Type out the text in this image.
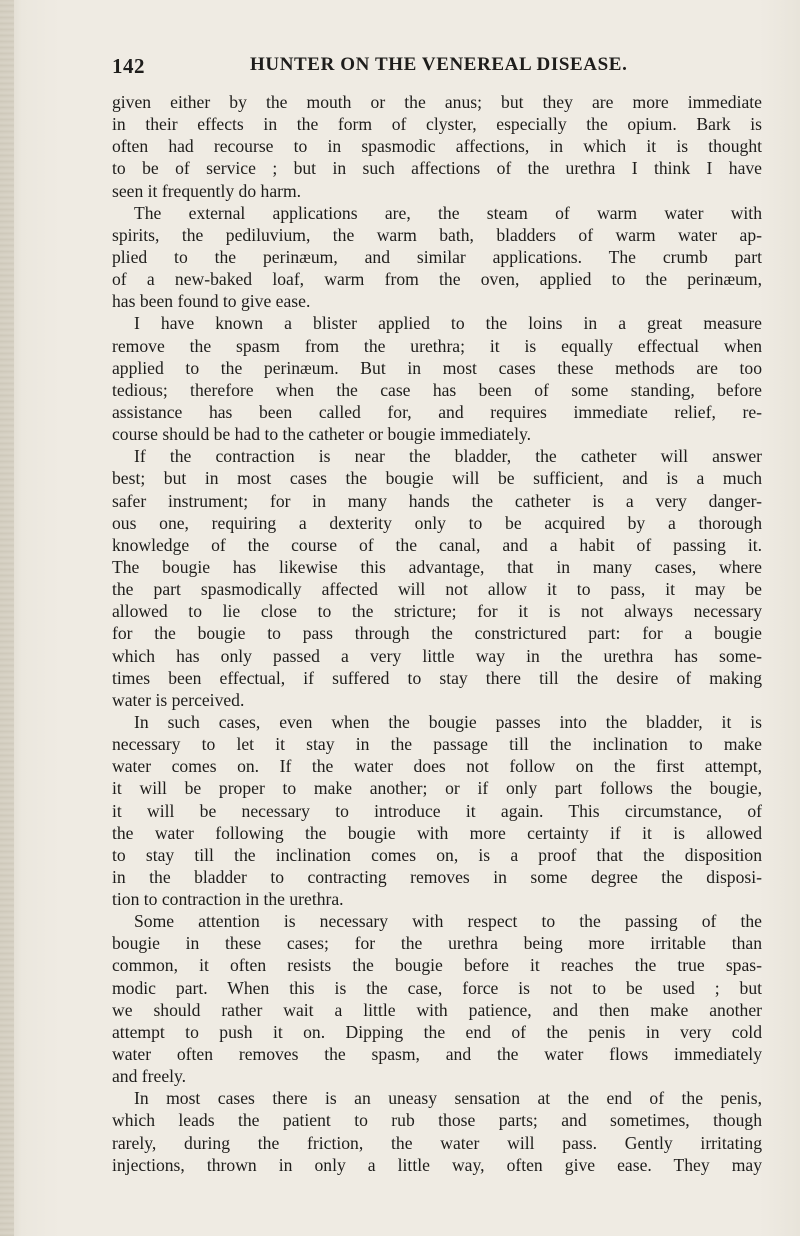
142	HUNTER ON THE VENEREAL DISEASE.
given either by the mouth or the anus; but they are more immediate
in their effects in the form of clyster, especially the opium. Bark is
often had recourse to in spasmodic affections, in which it is thought
to be of service ; but in such affections of the urethra I think I have
seen it frequently do harm.
The external applications are, the steam of warm water with
spirits, the pediluvium, the warm bath, bladders of warm water ap-
plied to the perinæum, and similar applications. The crumb part
of a new-baked loaf, warm from the oven, applied to the perinæum,
has been found to give ease.
I have known a blister applied to the loins in a great measure
remove the spasm from the urethra; it is equally effectual when
applied to the perinæum. But in most cases these methods are too
tedious; therefore when the case has been of some standing, before
assistance has been called for, and requires immediate relief, re-
course should be had to the catheter or bougie immediately.
If the contraction is near the bladder, the catheter will answer
best; but in most cases the bougie will be sufficient, and is a much
safer instrument; for in many hands the catheter is a very danger-
ous one, requiring a dexterity only to be acquired by a thorough
knowledge of the course of the canal, and a habit of passing it.
The bougie has likewise this advantage, that in many cases, where
the part spasmodically affected will not allow it to pass, it may be
allowed to lie close to the stricture; for it is not always necessary
for the bougie to pass through the constrictured part: for a bougie
which has only passed a very little way in the urethra has some-
times been effectual, if suffered to stay there till the desire of making
water is perceived.
In such cases, even when the bougie passes into the bladder, it is
necessary to let it stay in the passage till the inclination to make
water comes on. If the water does not follow on the first attempt,
it will be proper to make another; or if only part follows the bougie,
it will be necessary to introduce it again. This circumstance, of
the water following the bougie with more certainty if it is allowed
to stay till the inclination comes on, is a proof that the disposition
in the bladder to contracting removes in some degree the disposi-
tion to contraction in the urethra.
Some attention is necessary with respect to the passing of the
bougie in these cases; for the urethra being more irritable than
common, it often resists the bougie before it reaches the true spas-
modic part. When this is the case, force is not to be used ; but
we should rather wait a little with patience, and then make another
attempt to push it on. Dipping the end of the penis in very cold
water often removes the spasm, and the water flows immediately
and freely.
In most cases there is an uneasy sensation at the end of the penis,
which leads the patient to rub those parts; and sometimes, though
rarely, during the friction, the water will pass. Gently irritating
injections, thrown in only a little way, often give ease. They may
